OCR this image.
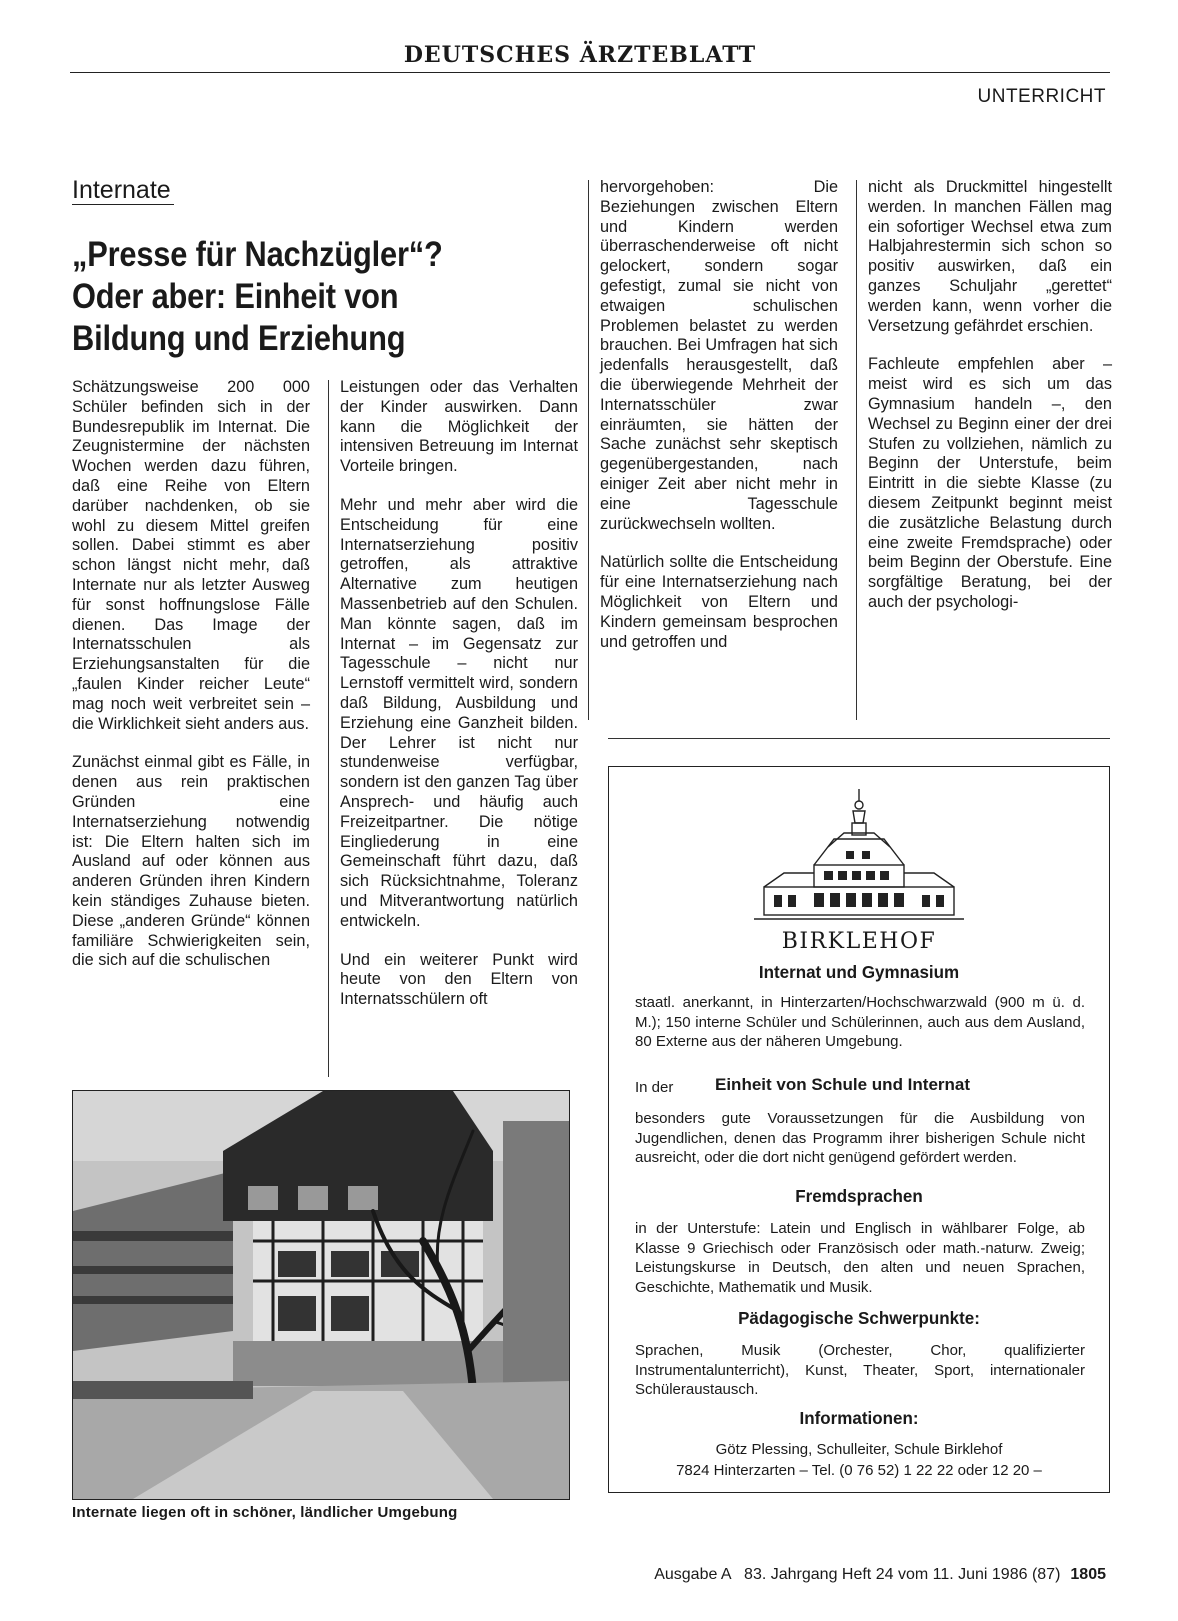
DEUTSCHES ÄRZTEBLATT
UNTERRICHT
Internate
„Presse für Nachzügler“?
Oder aber: Einheit von
Bildung und Erziehung

Schätzungsweise 200 000 Schüler befinden sich in der Bundesrepublik im Internat. Die Zeugnistermine der nächsten Wochen werden dazu führen, daß eine Reihe von Eltern darüber nachdenken, ob sie wohl zu diesem Mittel greifen sollen. Dabei stimmt es aber schon längst nicht mehr, daß Internate nur als letzter Ausweg für sonst hoffnungslose Fälle dienen. Das Image der Internatsschulen als Erziehungsanstalten für die „faulen Kinder reicher Leute“ mag noch weit verbreitet sein – die Wirklichkeit sieht anders aus.

Zunächst einmal gibt es Fälle, in denen aus rein praktischen Gründen eine Internatserziehung notwendig ist: Die Eltern halten sich im Ausland auf oder können aus anderen Gründen ihren Kindern kein ständiges Zuhause bieten. Diese „anderen Gründe“ können familiäre Schwierigkeiten sein, die sich auf die schulischen

Leistungen oder das Verhalten der Kinder auswirken. Dann kann die Möglichkeit der intensiven Betreuung im Internat Vorteile bringen.

Mehr und mehr aber wird die Entscheidung für eine Internatserziehung positiv getroffen, als attraktive Alternative zum heutigen Massenbetrieb auf den Schulen. Man könnte sagen, daß im Internat – im Gegensatz zur Tagesschule – nicht nur Lernstoff vermittelt wird, sondern daß Bildung, Ausbildung und Erziehung eine Ganzheit bilden. Der Lehrer ist nicht nur stundenweise verfügbar, sondern ist den ganzen Tag über Ansprech- und häufig auch Freizeitpartner. Die nötige Eingliederung in eine Gemeinschaft führt dazu, daß sich Rücksichtnahme, Toleranz und Mitverantwortung natürlich entwickeln.

Und ein weiterer Punkt wird heute von den Eltern von Internatsschülern oft

hervorgehoben: Die Beziehungen zwischen Eltern und Kindern werden überraschenderweise oft nicht gelockert, sondern sogar gefestigt, zumal sie nicht von etwaigen schulischen Problemen belastet zu werden brauchen. Bei Umfragen hat sich jedenfalls herausgestellt, daß die überwiegende Mehrheit der Internatsschüler zwar einräumten, sie hätten der Sache zunächst sehr skeptisch gegenübergestanden, nach einiger Zeit aber nicht mehr in eine Tagesschule zurückwechseln wollten.

Natürlich sollte die Entscheidung für eine Internatserziehung nach Möglichkeit von Eltern und Kindern gemeinsam besprochen und getroffen und

nicht als Druckmittel hingestellt werden. In manchen Fällen mag ein sofortiger Wechsel etwa zum Halbjahrestermin sich schon so positiv auswirken, daß ein ganzes Schuljahr „gerettet“ werden kann, wenn vorher die Versetzung gefährdet erschien.

Fachleute empfehlen aber – meist wird es sich um das Gymnasium handeln –, den Wechsel zu Beginn einer der drei Stufen zu vollziehen, nämlich zu Beginn der Unterstufe, beim Eintritt in die siebte Klasse (zu diesem Zeitpunkt beginnt meist die zusätzliche Belastung durch eine zweite Fremdsprache) oder beim Beginn der Oberstufe. Eine sorgfältige Beratung, bei der auch der psychologi-

Internate liegen oft in schöner, ländlicher Umgebung
BIRKLEHOF
Internat und Gymnasium
staatl. anerkannt, in Hinterzarten/Hochschwarzwald (900 m ü. d. M.); 150 interne Schüler und Schülerinnen, auch aus dem Ausland, 80 Externe aus der näheren Umgebung.
In der Einheit von Schule und Internat
besonders gute Voraussetzungen für die Ausbildung von Jugendlichen, denen das Programm ihrer bisherigen Schule nicht ausreicht, oder die dort nicht genügend gefördert werden.
Fremdsprachen
in der Unterstufe: Latein und Englisch in wählbarer Folge, ab Klasse 9 Griechisch oder Französisch oder math.-naturw. Zweig; Leistungskurse in Deutsch, den alten und neuen Sprachen, Geschichte, Mathematik und Musik.
Pädagogische Schwerpunkte:
Sprachen, Musik (Orchester, Chor, qualifizierter Instrumentalunterricht), Kunst, Theater, Sport, internationaler Schüleraustausch.
Informationen:
Götz Plessing, Schulleiter, Schule Birklehof
7824 Hinterzarten – Tel. (0 76 52) 1 22 22 oder 12 20 –
Ausgabe A   83. Jahrgang Heft 24 vom 11. Juni 1986 (87) 1805
